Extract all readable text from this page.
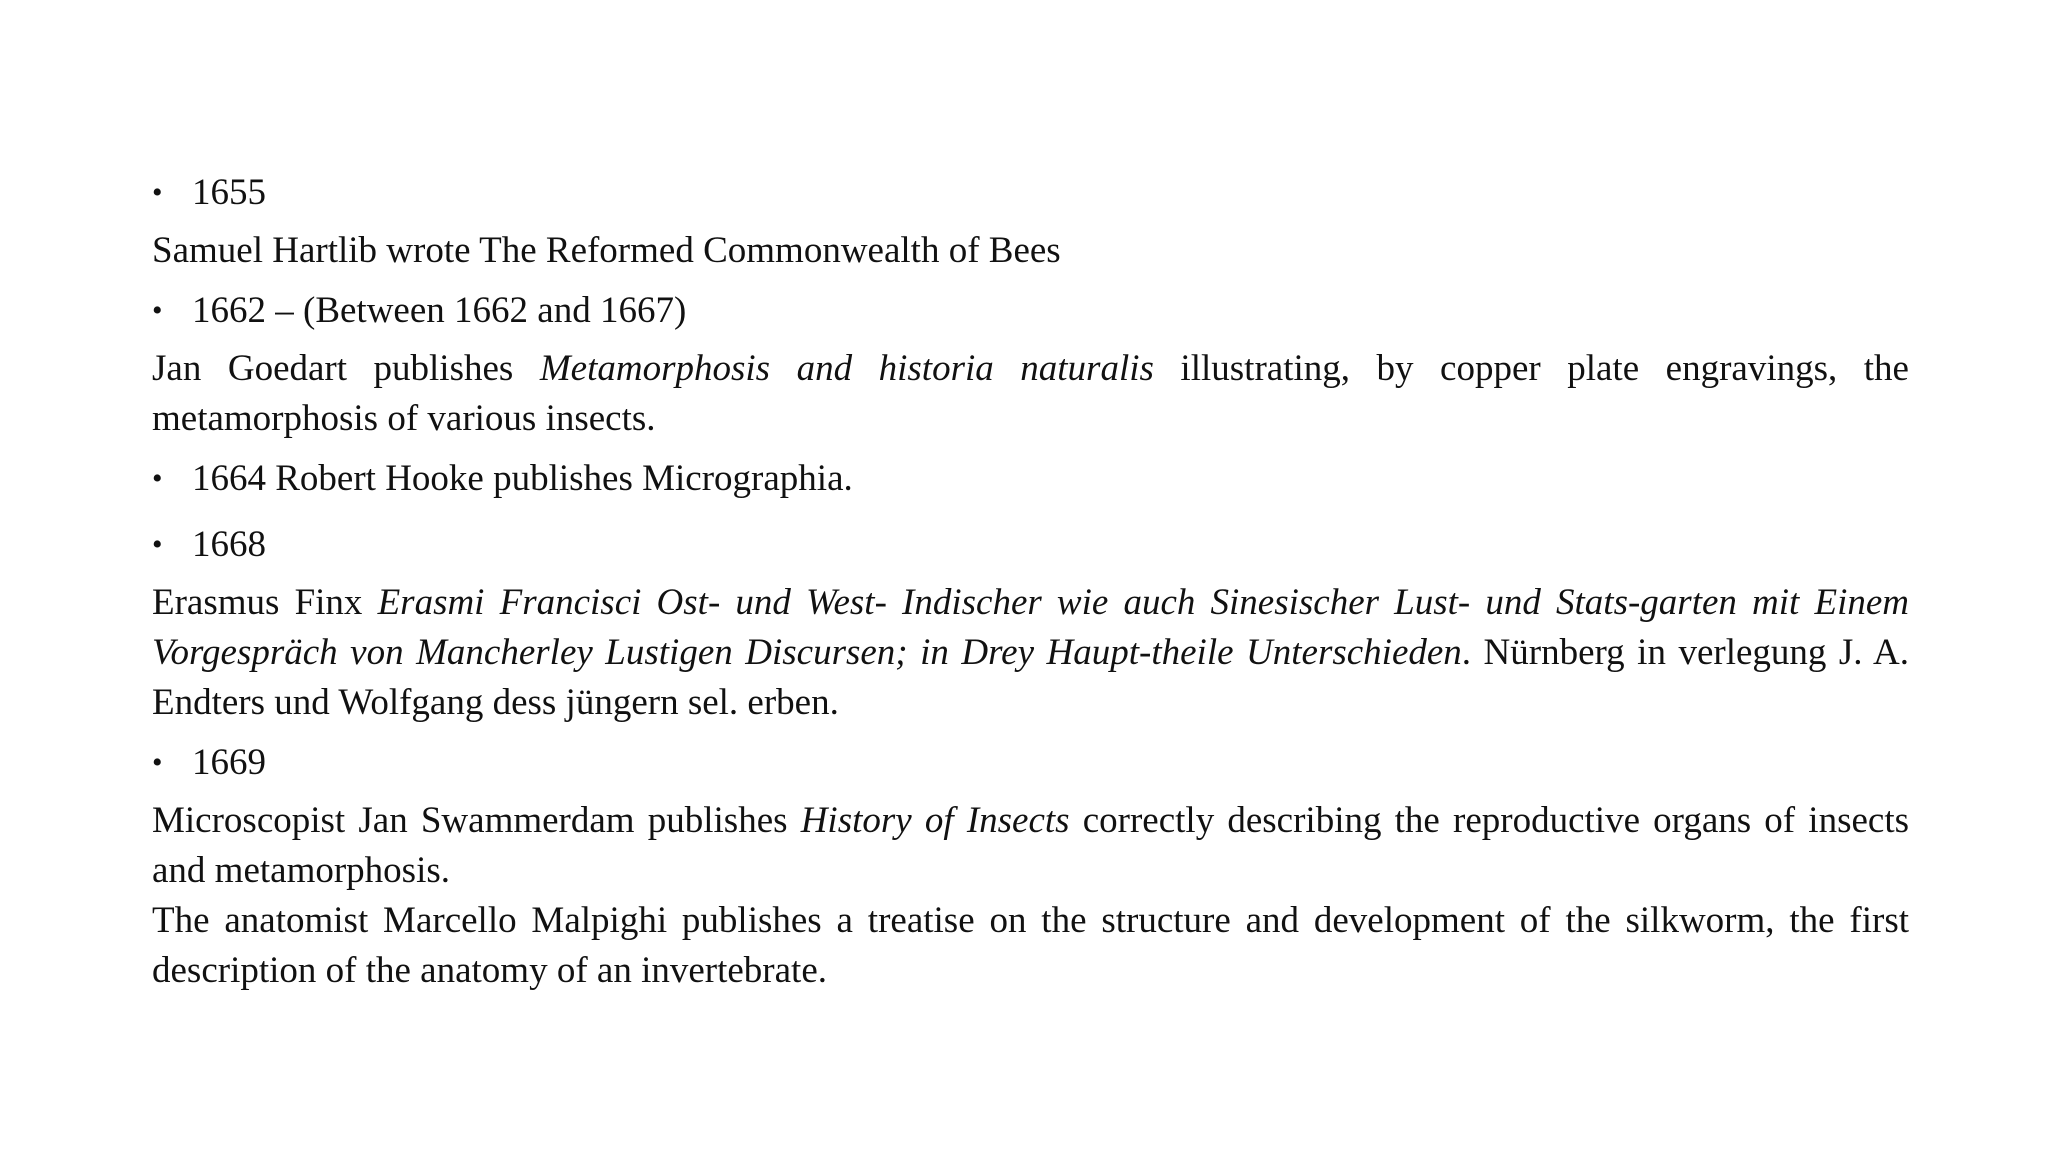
• 1655

Samuel Hartlib wrote The Reformed Commonwealth of Bees

• 1662 – (Between 1662 and 1667)

Jan Goedart publishes Metamorphosis and historia naturalis illustrating, by copper plate engravings, the metamorphosis of various insects.

• 1664 Robert Hooke publishes Micrographia.

• 1668

Erasmus Finx Erasmi Francisci Ost- und West- Indischer wie auch Sinesischer Lust- und Stats-garten mit Einem Vorgespräch von Mancherley Lustigen Discursen; in Drey Haupt-theile Unterschieden. Nürnberg in verlegung J. A. Endters und Wolfgang dess jüngern sel. erben.

• 1669

Microscopist Jan Swammerdam publishes History of Insects correctly describing the reproductive organs of insects and metamorphosis.

The anatomist Marcello Malpighi publishes a treatise on the structure and development of the silkworm, the first description of the anatomy of an invertebrate.
